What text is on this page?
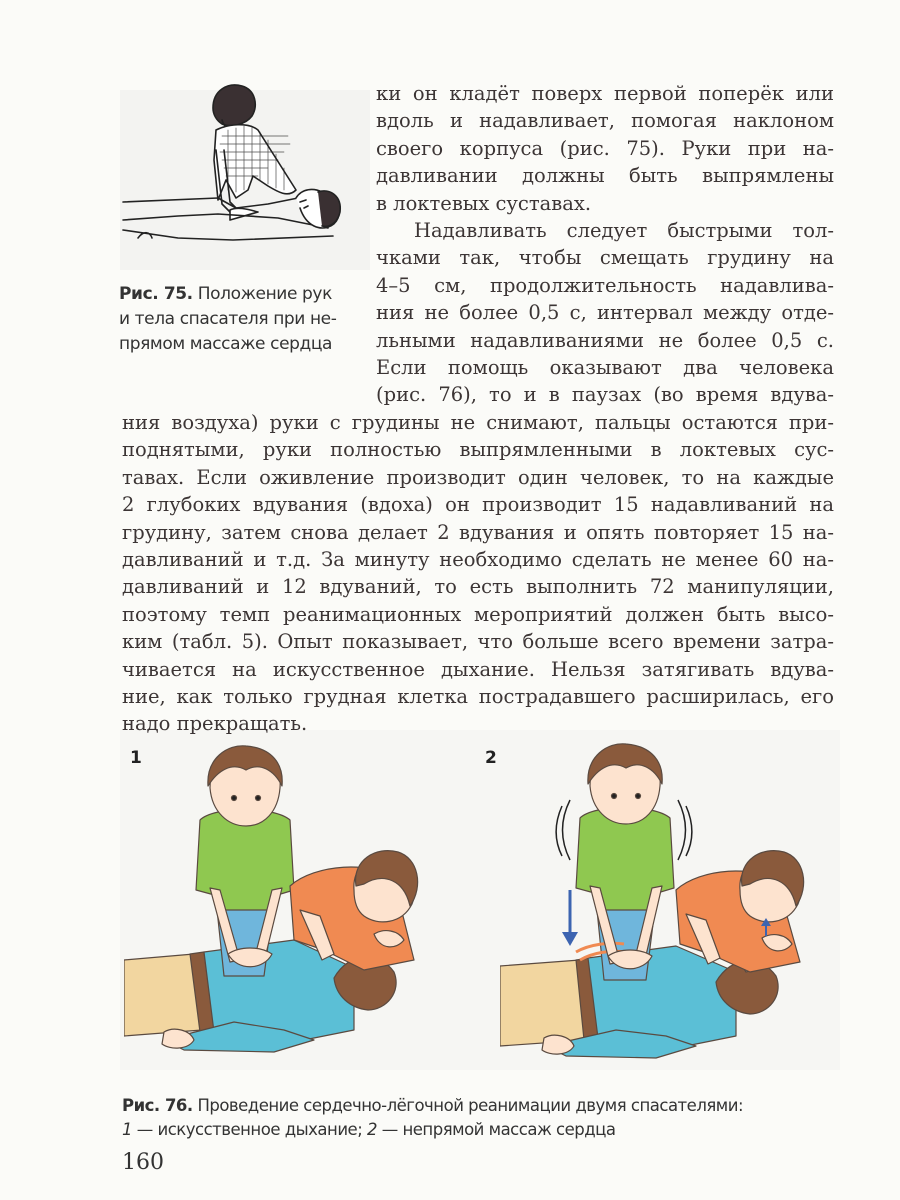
Рис. 75. Положение рук
и тела спасателя при не-
прямом массаже сердца
ки он кладёт поверх первой поперёк или
вдоль и надавливает, помогая наклоном
своего корпуса (рис. 75). Руки при на-
давливании должны быть выпрямлены
в локтевых суставах.
Надавливать следует быстрыми тол-
чками так, чтобы смещать грудину на
4–5 см, продолжительность надавлива-
ния не более 0,5 с, интервал между отде-
льными надавливаниями не более 0,5 с.
Если помощь оказывают два человека
(рис. 76), то и в паузах (во время вдува-
ния воздуха) руки с грудины не снимают, пальцы остаются при-
поднятыми, руки полностью выпрямленными в локтевых сус-
тавах. Если оживление производит один человек, то на каждые
2 глубоких вдувания (вдоха) он производит 15 надавливаний на
грудину, затем снова делает 2 вдувания и опять повторяет 15 на-
давливаний и т.д. За минуту необходимо сделать не менее 60 на-
давливаний и 12 вдуваний, то есть выполнить 72 манипуляции,
поэтому темп реанимационных мероприятий должен быть высо-
ким (табл. 5). Опыт показывает, что больше всего времени затра-
чивается на искусственное дыхание. Нельзя затягивать вдува-
ние, как только грудная клетка пострадавшего расширилась, его
надо прекращать.
1	2
Рис. 76. Проведение сердечно-лёгочной реанимации двумя спасателями:
1 — искусственное дыхание; 2 — непрямой массаж сердца
160
